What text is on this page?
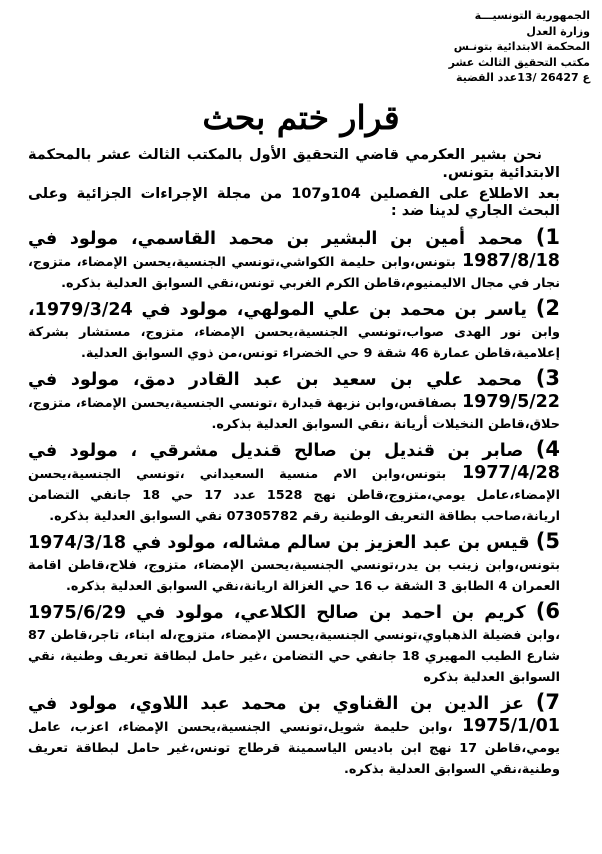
الجمهورية التونسيـــة
وزارة العدل
المحكمة الابتدائية بتونـس
مكتب التحقيق الثالث عشر
ع 26427 /13عدد القضية
قرار ختم بحث

نحن بشير العكرمي قاضي التحقيق الأول بالمكتب الثالث عشر بالمحكمة الابتدائية بتونس.

بعد الاطلاع على الفصلين 104و107 من مجلة الإجراءات الجزائية وعلى البحث الجاري لدينا ضد :

1) محمد أمين بن البشير بن محمد القاسمي، مولود في 1987/8/18 بتونس،وابن حليمة الكواشي،تونسي الجنسية،يحسن الإمضاء، متزوج، نجار في مجال الاليمنيوم،قاطن الكرم الغربي تونس،نقي السوابق العدلية بذكره.

2) ياسر بن محمد بن علي المولهي، مولود في 1979/3/24، وابن نور الهدى صواب،تونسي الجنسية،يحسن الإمضاء، متزوج، مستشار بشركة إعلامية،قاطن عمارة 46 شقة 9 حي الخضراء تونس،من ذوي السوابق العدلية.

3) محمد علي بن سعيد بن عبد القادر دمق، مولود في 1979/5/22 بصفاقس،وابن نزيهة قيدارة ،تونسي الجنسية،يحسن الإمضاء، متزوج، حلاق،قاطن النخيلات أريانة ،نقي السوابق العدلية بذكره.

4) صابر بن قنديل بن صالح قنديل مشرقي ، مولود في 1977/4/28 بتونس،وابن الام منسية السعيداني ،تونسي الجنسية،يحسن الإمضاء،عامل يومي،متزوج،قاطن نهج 1528 عدد 17 حي 18 جانفي التضامن اريانة،صاحب بطاقة التعريف الوطنية رقم 07305782 نقي السوابق العدلية بذكره.

5) قيس بن عبد العزيز بن سالم مشاله، مولود في 1974/3/18 بتونس،وابن زينب بن يدر،تونسي الجنسية،يحسن الإمضاء، متزوج، فلاح،قاطن اقامة العمران 4 الطابق 3 الشقة ب 16 حي الغزالة اريانة،نقي السوابق العدلية بذكره.

6) كريم بن احمد بن صالح الكلاعي، مولود في 1975/6/29 ،وابن فضيلة الذهباوي،تونسي الجنسية،يحسن الإمضاء، متزوج،له ابناء، تاجر،قاطن 87 شارع الطيب المهيري 18 جانفي حي التضامن ،غير حامل لبطاقة تعريف وطنية، نقي السوابق العدلية بذكره

7) عز الدين بن القناوي بن محمد عبد اللاوي، مولود في 1975/1/01 ،وابن حليمة شويل،تونسي الجنسية،يحسن الإمضاء، اعزب، عامل يومي،قاطن 17 نهج ابن باديس الياسمينة قرطاج تونس،غير حامل لبطاقة تعريف وطنية،نقي السوابق العدلية بذكره.
